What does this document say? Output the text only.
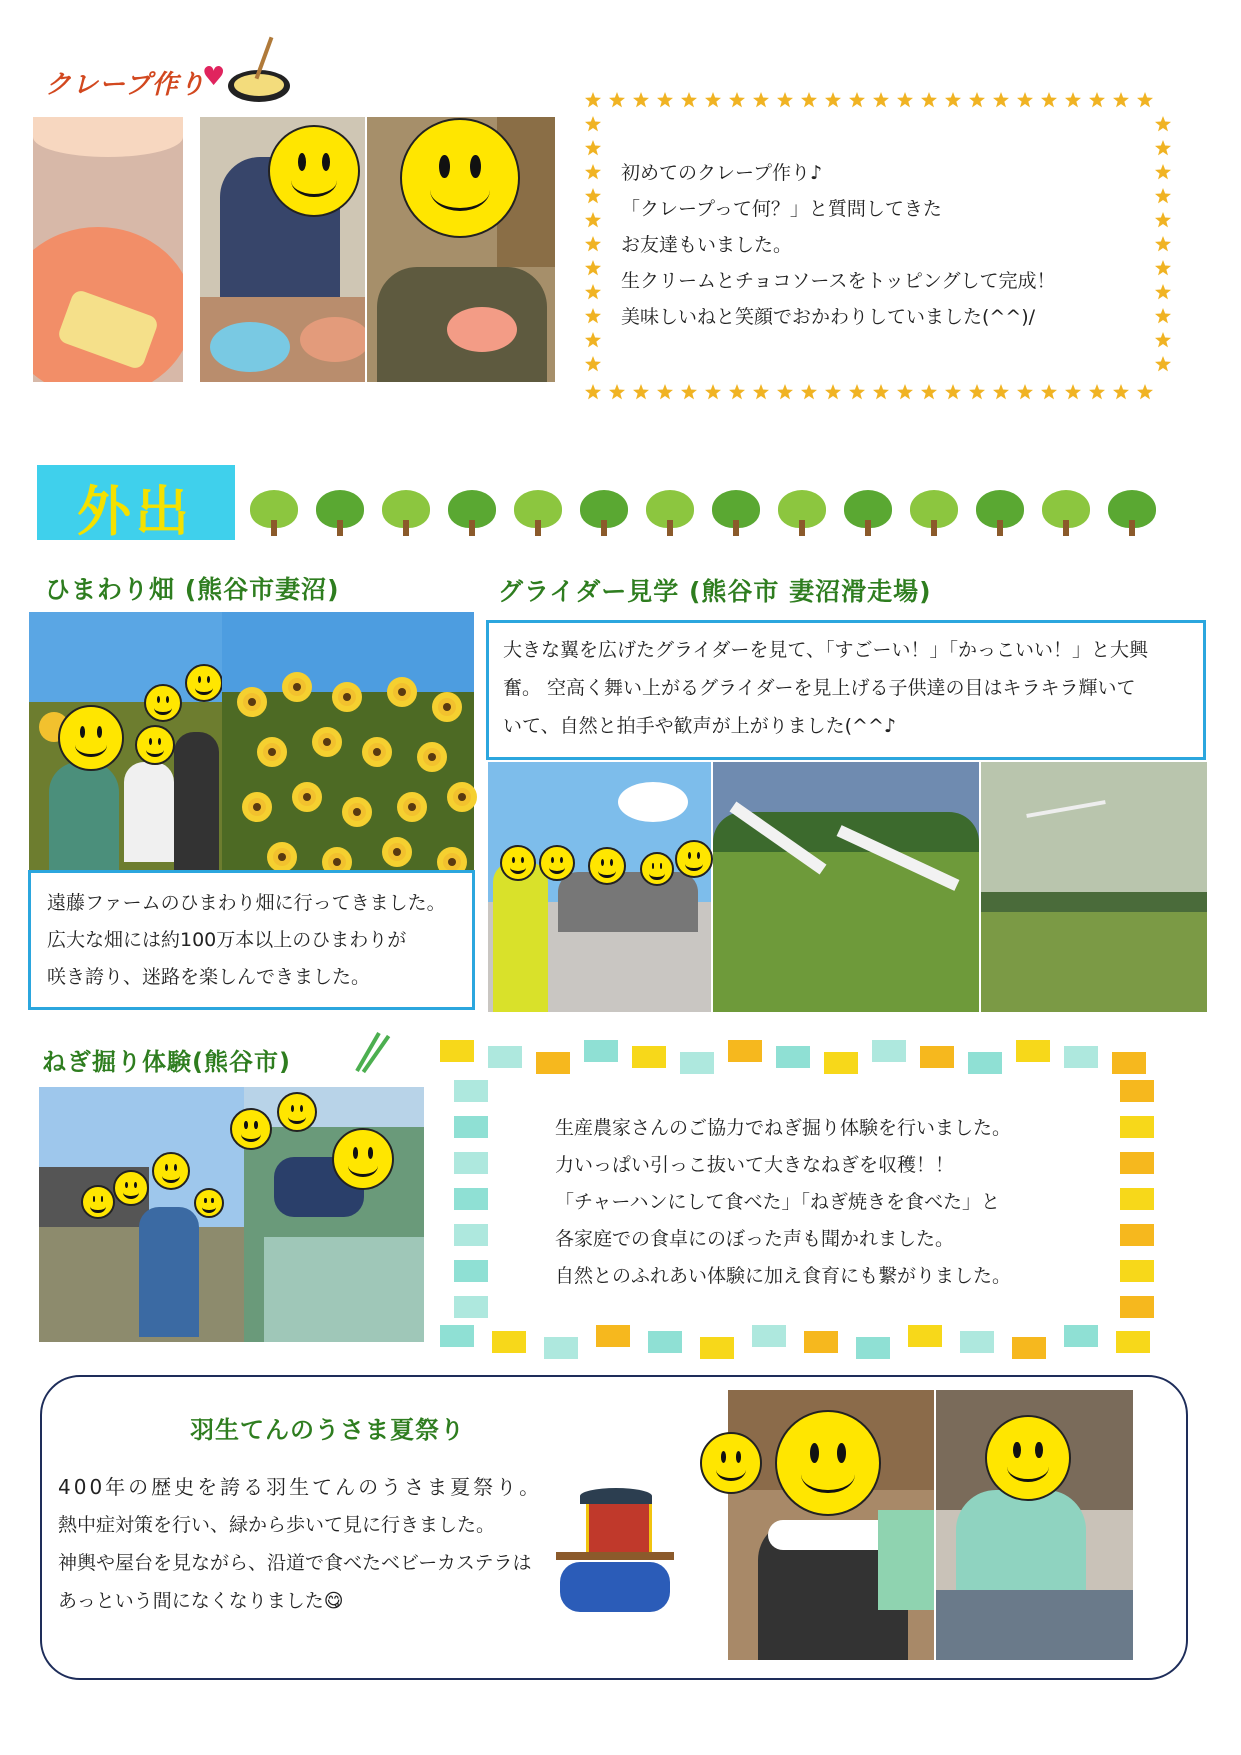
クレープ作り
♥
初めてのクレープ作り♪
「クレープって何？」と質問してきた
お友達もいました。
生クリームとチョコソースをトッピングして完成！
美味しいねと笑顔でおかわりしていました(^^)/
外出
ひまわり畑 (熊谷市妻沼)
遠藤ファームのひまわり畑に行ってきました。
広大な畑には約100万本以上のひまわりが
咲き誇り、迷路を楽しんできました。
グライダー見学 (熊谷市 妻沼滑走場)
大きな翼を広げたグライダーを見て、「すごーい！」「かっこいい！」と大興
奮。 空高く舞い上がるグライダーを見上げる子供達の目はキラキラ輝いて
いて、自然と拍手や歓声が上がりました(^^♪
ねぎ掘り体験(熊谷市)
生産農家さんのご協力でねぎ掘り体験を行いました。
力いっぱい引っこ抜いて大きなねぎを収穫！！
「チャーハンにして食べた」「ねぎ焼きを食べた」と
各家庭での食卓にのぼった声も聞かれました。
自然とのふれあい体験に加え食育にも繋がりました。
羽生てんのうさま夏祭り
400年の歴史を誇る羽生てんのうさま夏祭り。
熱中症対策を行い、緑から歩いて見に行きました。
神輿や屋台を見ながら、沿道で食べたベビーカステラは
あっという間になくなりました😋
